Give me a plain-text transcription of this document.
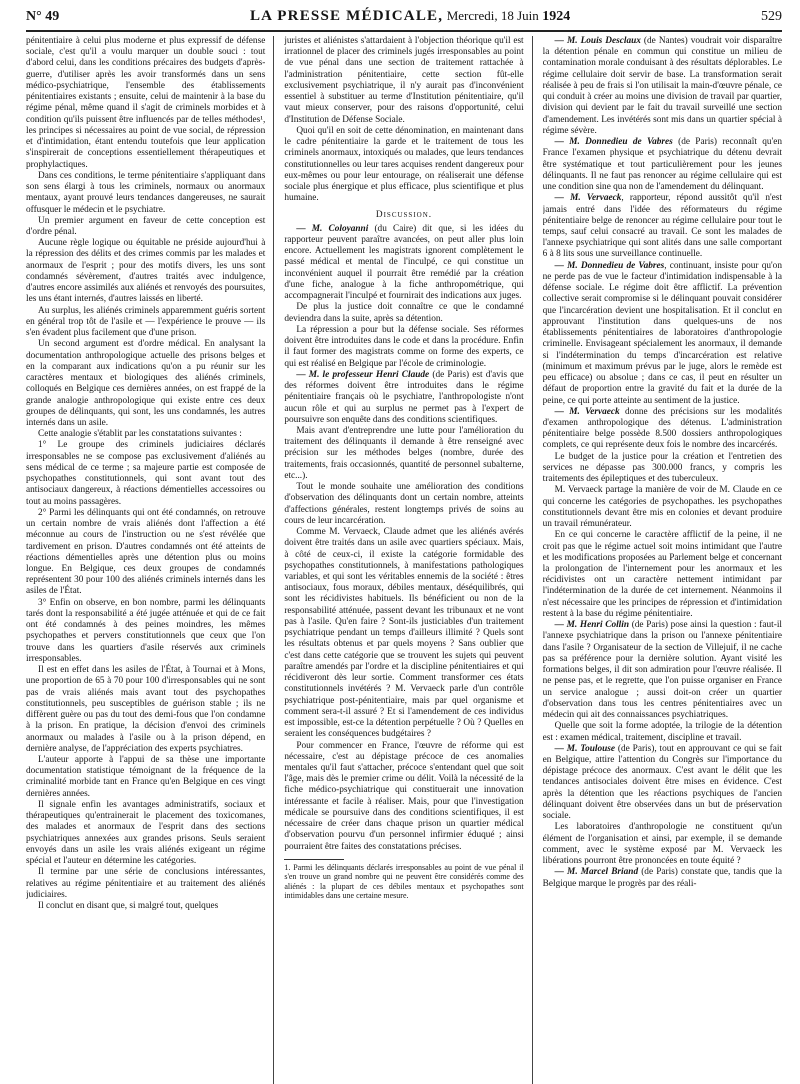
N° 49	LA PRESSE MÉDICALE, Mercredi, 18 Juin 1924	529

pénitentiaire à celui plus moderne et plus expressif de défense sociale, c'est qu'il a voulu marquer un double souci : tout d'abord celui, dans les conditions précaires des budgets d'après-guerre, d'utiliser après les avoir transformés dans un sens médico-psychiatrique, l'ensemble des établissements pénitentiaires existants ; ensuite, celui de maintenir à la base du régime pénal, même quand il s'agit de criminels morbides et à condition qu'ils puissent être influencés par de telles méthodes¹, les principes si nécessaires au point de vue social, de répression et d'intimidation, étant entendu toutefois que leur application s'inspirerait de conceptions essentiellement thérapeutiques et prophylactiques.

Dans ces conditions, le terme pénitentiaire s'appliquant dans son sens élargi à tous les criminels, normaux ou anormaux mentaux, ayant prouvé leurs tendances dangereuses, ne saurait offusquer le médecin et le psychiatre.

Un premier argument en faveur de cette conception est d'ordre pénal.

Aucune règle logique ou équitable ne préside aujourd'hui à la répression des délits et des crimes commis par les malades et anormaux de l'esprit ; pour des motifs divers, les uns sont condamnés sévèrement, d'autres traités avec indulgence, d'autres encore assimilés aux aliénés et renvoyés des poursuites, les uns étant internés, d'autres laissés en liberté.

Au surplus, les aliénés criminels apparemment guéris sortent en général trop tôt de l'asile et — l'expérience le prouve — ils s'en évadent plus facilement que d'une prison.

Un second argument est d'ordre médical. En analysant la documentation anthropologique actuelle des prisons belges et en la comparant aux indications qu'on a pu réunir sur les caractères mentaux et biologiques des aliénés criminels, colloqués en Belgique ces dernières années, on est frappé de la grande analogie anthropologique qui existe entre ces deux groupes de délinquants, qui sont, les uns condamnés, les autres internés dans un asile.

Cette analogie s'établit par les constatations suivantes :

1° Le groupe des criminels judiciaires déclarés irresponsables ne se compose pas exclusivement d'aliénés au sens médical de ce terme ; sa majeure partie est composée de psychopathes constitutionnels, qui sont avant tout des antisociaux dangereux, à réactions démentielles accessoires ou tout au moins passagères.

2° Parmi les délinquants qui ont été condamnés, on retrouve un certain nombre de vrais aliénés dont l'affection a été méconnue au cours de l'instruction ou ne s'est révélée que tardivement en prison. D'autres condamnés ont été atteints de réactions démentielles après une détention plus ou moins longue. En Belgique, ces deux groupes de condamnés représentent 30 pour 100 des aliénés criminels internés dans les asiles de l'État.

3° Enfin on observe, en bon nombre, parmi les délinquants tarés dont la responsabilité a été jugée atténuée et qui de ce fait ont été condamnés à des peines moindres, les mêmes psychopathes et pervers constitutionnels que ceux que l'on trouve dans les quartiers d'asile réservés aux criminels irresponsables.

Il est en effet dans les asiles de l'État, à Tournai et à Mons, une proportion de 65 à 70 pour 100 d'irresponsables qui ne sont pas de vrais aliénés mais avant tout des psychopathes constitutionnels, peu susceptibles de guérison stable ; ils ne diffèrent guère ou pas du tout des demi-fous que l'on condamne à la prison. En pratique, la décision d'envoi des criminels anormaux ou malades à l'asile ou à la prison dépend, en dernière analyse, de l'appréciation des experts psychiatres.

L'auteur apporte à l'appui de sa thèse une importante documentation statistique témoignant de la fréquence de la criminalité morbide tant en France qu'en Belgique en ces vingt dernières années.

Il signale enfin les avantages administratifs, sociaux et thérapeutiques qu'entrainerait le placement des toxicomanes, des malades et anormaux de l'esprit dans des sections psychiatriques annexées aux grandes prisons. Seuls seraient envoyés dans un asile les vrais aliénés exigeant un régime spécial et l'auteur en détermine les catégories.

Il termine par une série de conclusions intéressantes, relatives au régime pénitentiaire et au traitement des aliénés judiciaires.

Il conclut en disant que, si malgré tout, quelques

juristes et aliénistes s'attardaient à l'objection théorique qu'il est irrationnel de placer des criminels jugés irresponsables au point de vue pénal dans une section de traitement rattachée à l'administration pénitentiaire, cette section fût-elle exclusivement psychiatrique, il n'y aurait pas d'inconvénient essentiel à substituer au terme d'Institution pénitentiaire, qu'il vaut mieux conserver, pour des raisons d'opportunité, celui d'Institution de Défense Sociale.

Quoi qu'il en soit de cette dénomination, en maintenant dans le cadre pénitentiaire la garde et le traitement de tous les criminels anormaux, intoxiqués ou malades, que leurs tendances constitutionnelles ou leur tares acquises rendent dangereux pour eux-mêmes ou pour leur entourage, on réaliserait une défense sociale plus énergique et plus efficace, plus scientifique et plus humaine.

Discussion.

— M. Coloyanni (du Caire) dit que, si les idées du rapporteur peuvent paraître avancées, on peut aller plus loin encore. Actuellement les magistrats ignorent complètement le passé médical et mental de l'inculpé, ce qui constitue un inconvénient auquel il pourrait être remédié par la création d'une fiche, analogue à la fiche anthropométrique, qui accompagnerait l'inculpé et fournirait des indications aux juges.

De plus la justice doit connaître ce que le condamné deviendra dans la suite, après sa détention.

La répression a pour but la défense sociale. Ses réformes doivent être introduites dans le code et dans la procédure. Enfin il faut former des magistrats comme on forme des experts, ce qui est réalisé en Belgique par l'école de criminologie.

— M. le professeur Henri Claude (de Paris) est d'avis que des réformes doivent être introduites dans le régime pénitentiaire français où le psychiatre, l'anthropologiste n'ont aucun rôle et qui au surplus ne permet pas à l'expert de poursuivre son enquête dans des conditions scientifiques.

Mais avant d'entreprendre une lutte pour l'amélioration du traitement des délinquants il demande à être renseigné avec précision sur les méthodes belges (nombre, durée des traitements, frais occasionnés, quantité de personnel subalterne, etc...).

Tout le monde souhaite une amélioration des conditions d'observation des délinquants dont un certain nombre, atteints d'affections générales, restent longtemps privés de soins au cours de leur incarcération.

Comme M. Vervaeck, Claude admet que les aliénés avérés doivent être traités dans un asile avec quartiers spéciaux. Mais, à côté de ceux-ci, il existe la catégorie formidable des psychopathes constitutionnels, à manifestations pathologiques variables, et qui sont les véritables ennemis de la société : êtres antisociaux, fous moraux, débiles mentaux, déséquilibrés, qui sont les récidivistes habituels. Ils bénéficient ou non de la responsabilité atténuée, passent devant les tribunaux et ne vont pas à l'asile. Qu'en faire ? Sont-ils justiciables d'un traitement psychiatrique pendant un temps d'ailleurs illimité ? Quels sont les résultats obtenus et par quels moyens ? Sans oublier que c'est dans cette catégorie que se trouvent les sujets qui peuvent paraître amendés par l'ordre et la discipline pénitentiaires et qui récidiveront dès leur sortie. Comment transformer ces états constitutionnels invétérés ? M. Vervaeck parle d'un contrôle psychiatrique post-pénitentiaire, mais par quel organisme et comment sera-t-il assuré ? Et si l'amendement de ces individus est impossible, est-ce la détention perpétuelle ? Où ? Quelles en seraient les conséquences budgétaires ?

Pour commencer en France, l'œuvre de réforme qui est nécessaire, c'est au dépistage précoce de ces anomalies mentales qu'il faut s'attacher, précoce s'entendant quel que soit l'âge, mais dès le premier crime ou délit. Voilà la nécessité de la fiche médico-psychiatrique qui constituerait une innovation intéressante et facile à réaliser. Mais, pour que l'investigation médicale se poursuive dans des conditions scientifiques, il est nécessaire de créer dans chaque prison un quartier médical d'observation pourvu d'un personnel infirmier éduqué ; ainsi pourraient être faites des constatations précises.

1. Parmi les délinquants déclarés irresponsables au point de vue pénal il s'en trouve un grand nombre qui ne peuvent être considérés comme des aliénés : la plupart de ces débiles mentaux et psychopathes sont intimidables dans une certaine mesure.

— M. Louis Desclaux (de Nantes) voudrait voir disparaître la détention pénale en commun qui constitue un milieu de contamination morale conduisant à des résultats déplorables. Le régime cellulaire doit servir de base. La transformation serait réalisée à peu de frais si l'on utilisait la main-d'œuvre pénale, ce qui conduit à créer au moins une division de travail par quartier, division qui devient par le fait du travail surveillé une section d'amendement. Les invétérés sont mis dans un quartier spécial à régime sévère.

— M. Donnedieu de Vabres (de Paris) reconnaît qu'en France l'examen physique et psychiatrique du détenu devrait être systématique et tout particulièrement pour les jeunes délinquants. Il ne faut pas renoncer au régime cellulaire qui est une condition sine qua non de l'amendement du délinquant.

— M. Vervaeck, rapporteur, répond aussitôt qu'il n'est jamais entré dans l'idée des réformateurs du régime pénitentiaire belge de renoncer au régime cellulaire pour tout le temps, sauf celui consacré au travail. Ce sont les malades de l'annexe psychiatrique qui sont alités dans une salle comportant 6 à 8 lits sous une surveillance continuelle.

— M. Donnedieu de Vabres, continuant, insiste pour qu'on ne perde pas de vue le facteur d'intimidation indispensable à la défense sociale. Le régime doit être afflictif. La prévention collective serait compromise si le délinquant pouvait considérer que l'incarcération devient une hospitalisation. Et il conclut en approuvant l'institution dans quelques-uns de nos établissements pénitentiaires de laboratoires d'anthropologie criminelle. Envisageant spécialement les anormaux, il demande si l'indétermination du temps d'incarcération est relative (minimum et maximum prévus par le juge, alors le remède est peu efficace) ou absolue ; dans ce cas, il peut en résulter un défaut de proportion entre la gravité du fait et la durée de la peine, ce qui porte atteinte au sentiment de la justice.

— M. Vervaeck donne des précisions sur les modalités d'examen anthropologique des détenus. L'administration pénitentiaire belge possède 8.500 dossiers anthropologiques complets, ce qui représente deux fois le nombre des incarcérés.

Le budget de la justice pour la création et l'entretien des services ne dépasse pas 300.000 francs, y compris les traitements des épileptiques et des tuberculeux.

M. Vervaeck partage la manière de voir de M. Claude en ce qui concerne les catégories de psychopathes. les psychopathes constitutionnels devant être mis en colonies et devant produire un travail rémunérateur.

En ce qui concerne le caractère afflictif de la peine, il ne croit pas que le régime actuel soit moins intimidant que l'autre et les modifications proposées au Parlement belge et concernant la prolongation de l'internement pour les anormaux et les récidivistes ont un caractère nettement intimidant par l'indétermination de la durée de cet internement. Néanmoins il n'est nécessaire que les principes de répression et d'intimidation restent à la base du régime pénitentiaire.

— M. Henri Collin (de Paris) pose ainsi la question : faut-il l'annexe psychiatrique dans la prison ou l'annexe pénitentiaire dans l'asile ? Organisateur de la section de Villejuif, il ne cache pas sa préférence pour la dernière solution. Ayant visité les formations belges, il dit son admiration pour l'œuvre réalisée. Il ne pense pas, et le regrette, que l'on puisse organiser en France un service analogue ; aussi doit-on créer un quartier d'observation dans tous les centres pénitentiaires avec un médecin qui ait des connaissances psychiatriques.

Quelle que soit la forme adoptée, la trilogie de la détention est : examen médical, traitement, discipline et travail.

— M. Toulouse (de Paris), tout en approuvant ce qui se fait en Belgique, attire l'attention du Congrès sur l'importance du dépistage précoce des anormaux. C'est avant le délit que les tendances antisociales doivent être mises en évidence. C'est après la détention que les réactions psychiques de l'ancien délinquant doivent être observées dans un but de préservation sociale.

Les laboratoires d'anthropologie ne constituent qu'un élément de l'organisation et ainsi, par exemple, il se demande comment, avec le système exposé par M. Vervaeck les libérations pourront être prononcées en toute équité ?

— M. Marcel Briand (de Paris) constate que, tandis que la Belgique marque le progrès par des réali-
